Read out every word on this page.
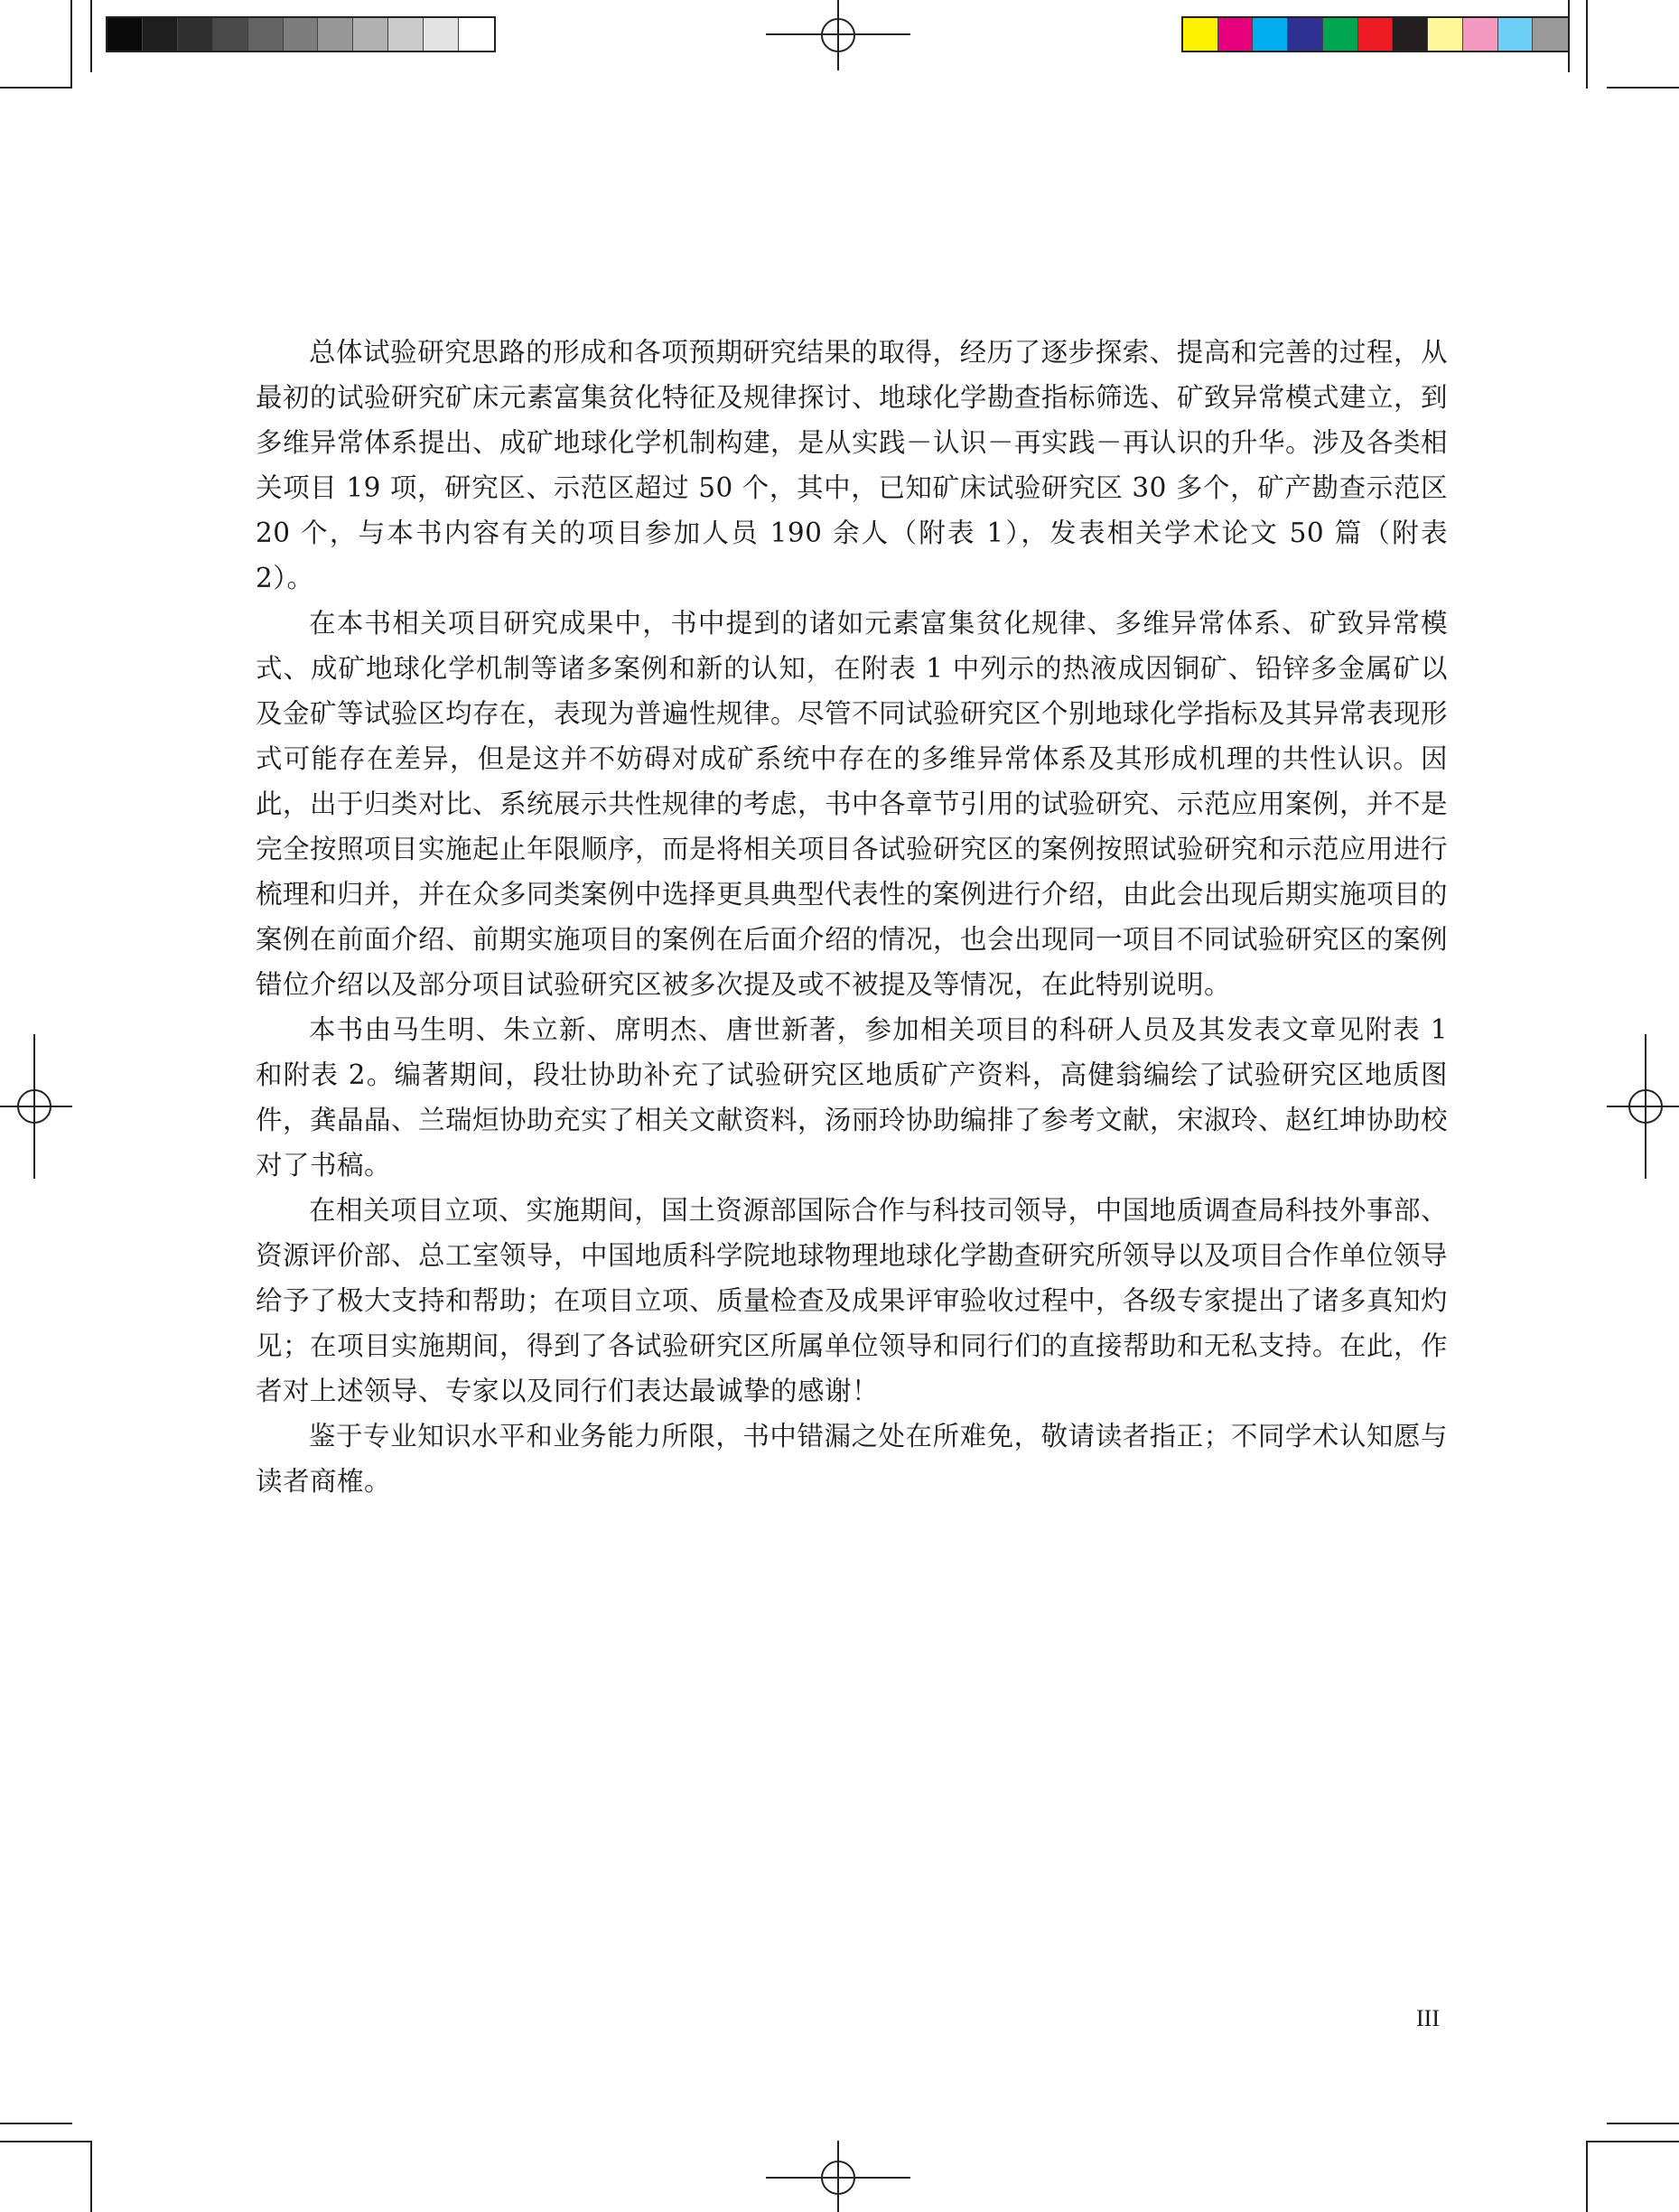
总体试验研究思路的形成和各项预期研究结果的取得，经历了逐步探索、提高和完善的过程，从最初的试验研究矿床元素富集贫化特征及规律探讨、地球化学勘查指标筛选、矿致异常模式建立，到多维异常体系提出、成矿地球化学机制构建，是从实践－认识－再实践－再认识的升华。涉及各类相关项目 19 项，研究区、示范区超过 50 个，其中，已知矿床试验研究区 30 多个，矿产勘查示范区 20 个，与本书内容有关的项目参加人员 190 余人（附表 1），发表相关学术论文 50 篇（附表 2）。

在本书相关项目研究成果中，书中提到的诸如元素富集贫化规律、多维异常体系、矿致异常模式、成矿地球化学机制等诸多案例和新的认知，在附表 1 中列示的热液成因铜矿、铅锌多金属矿以及金矿等试验区均存在，表现为普遍性规律。尽管不同试验研究区个别地球化学指标及其异常表现形式可能存在差异，但是这并不妨碍对成矿系统中存在的多维异常体系及其形成机理的共性认识。因此，出于归类对比、系统展示共性规律的考虑，书中各章节引用的试验研究、示范应用案例，并不是完全按照项目实施起止年限顺序，而是将相关项目各试验研究区的案例按照试验研究和示范应用进行梳理和归并，并在众多同类案例中选择更具典型代表性的案例进行介绍，由此会出现后期实施项目的案例在前面介绍、前期实施项目的案例在后面介绍的情况，也会出现同一项目不同试验研究区的案例错位介绍以及部分项目试验研究区被多次提及或不被提及等情况，在此特别说明。

本书由马生明、朱立新、席明杰、唐世新著，参加相关项目的科研人员及其发表文章见附表 1 和附表 2。编著期间，段壮协助补充了试验研究区地质矿产资料，高健翁编绘了试验研究区地质图件，龚晶晶、兰瑞烜协助充实了相关文献资料，汤丽玲协助编排了参考文献，宋淑玲、赵红坤协助校对了书稿。

在相关项目立项、实施期间，国土资源部国际合作与科技司领导，中国地质调查局科技外事部、资源评价部、总工室领导，中国地质科学院地球物理地球化学勘查研究所领导以及项目合作单位领导给予了极大支持和帮助；在项目立项、质量检查及成果评审验收过程中，各级专家提出了诸多真知灼见；在项目实施期间，得到了各试验研究区所属单位领导和同行们的直接帮助和无私支持。在此，作者对上述领导、专家以及同行们表达最诚挚的感谢！

鉴于专业知识水平和业务能力所限，书中错漏之处在所难免，敬请读者指正；不同学术认知愿与读者商榷。

III
